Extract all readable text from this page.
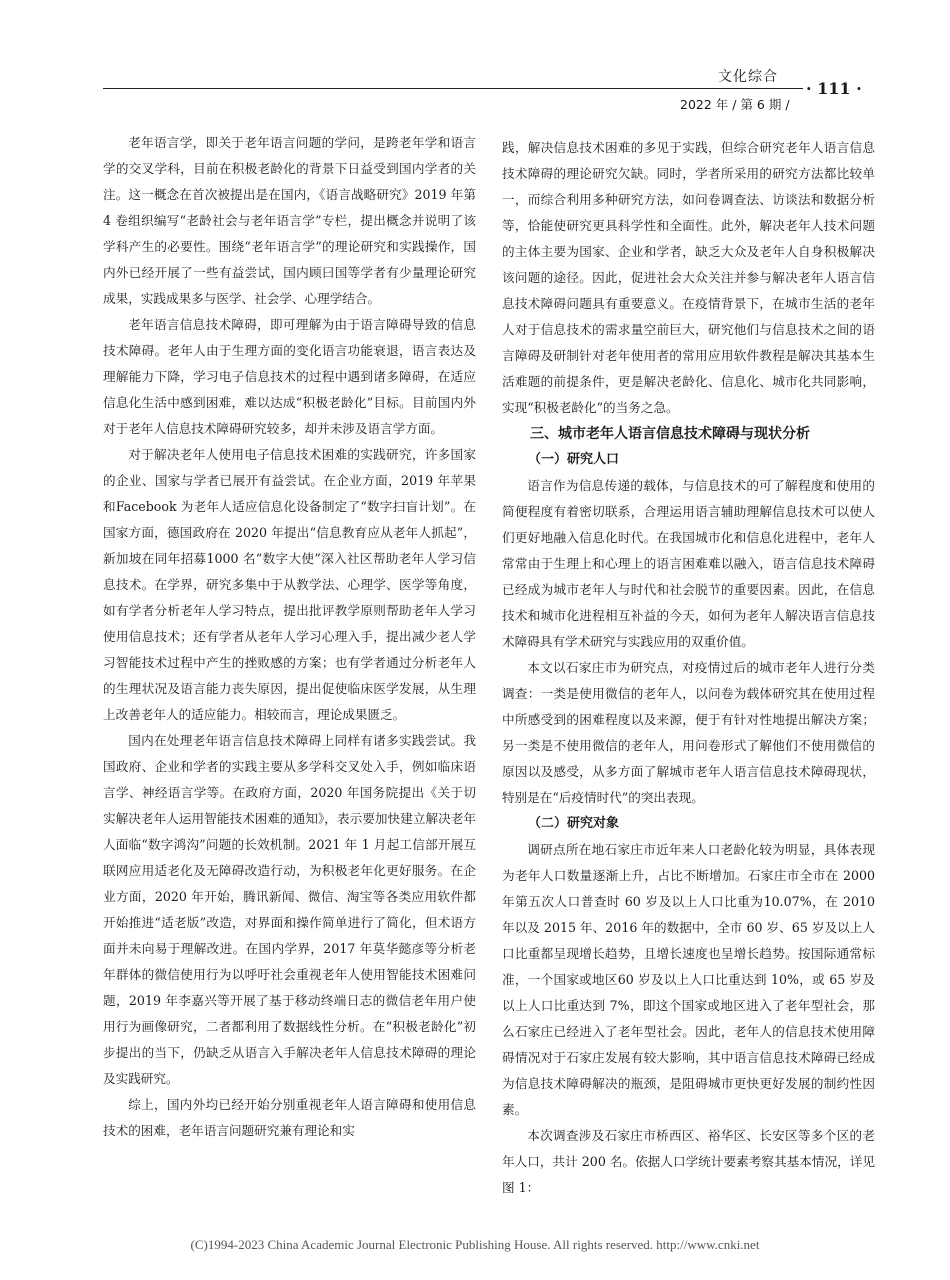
文化综合
· 111 ·
2022 年 / 第 6 期 /

老年语言学，即关于老年语言问题的学问，是跨老年学和语言学的交叉学科，目前在积极老龄化的背景下日益受到国内学者的关注。这一概念在首次被提出是在国内，《语言战略研究》2019 年第 4 卷组织编写“老龄社会与老年语言学”专栏，提出概念并说明了该学科产生的必要性。围绕“老年语言学”的理论研究和实践操作，国内外已经开展了一些有益尝试，国内顾曰国等学者有少量理论研究成果，实践成果多与医学、社会学、心理学结合。

老年语言信息技术障碍，即可理解为由于语言障碍导致的信息技术障碍。老年人由于生理方面的变化语言功能衰退，语言表达及理解能力下降，学习电子信息技术的过程中遇到诸多障碍，在适应信息化生活中感到困难，难以达成“积极老龄化”目标。目前国内外对于老年人信息技术障碍研究较多，却并未涉及语言学方面。

对于解决老年人使用电子信息技术困难的实践研究，许多国家的企业、国家与学者已展开有益尝试。在企业方面，2019 年苹果和Facebook 为老年人适应信息化设备制定了“数字扫盲计划”。在国家方面，德国政府在 2020 年提出“信息教育应从老年人抓起”，新加坡在同年招募1000 名“数字大使”深入社区帮助老年人学习信息技术。在学界，研究多集中于从教学法、心理学、医学等角度，如有学者分析老年人学习特点，提出批评教学原则帮助老年人学习使用信息技术；还有学者从老年人学习心理入手，提出减少老人学习智能技术过程中产生的挫败感的方案；也有学者通过分析老年人的生理状况及语言能力丧失原因，提出促使临床医学发展，从生理上改善老年人的适应能力。相较而言，理论成果匮乏。

国内在处理老年语言信息技术障碍上同样有诸多实践尝试。我国政府、企业和学者的实践主要从多学科交叉处入手，例如临床语言学、神经语言学等。在政府方面，2020 年国务院提出《关于切实解决老年人运用智能技术困难的通知》，表示要加快建立解决老年人面临“数字鸿沟”问题的长效机制。2021 年 1 月起工信部开展互联网应用适老化及无障碍改造行动，为积极老年化更好服务。在企业方面，2020 年开始，腾讯新闻、微信、淘宝等各类应用软件都开始推进“适老版”改造，对界面和操作简单进行了简化，但术语方面并未向易于理解改进。在国内学界，2017 年莫华懿彦等分析老年群体的微信使用行为以呼吁社会重视老年人使用智能技术困难问题，2019 年李嘉兴等开展了基于移动终端日志的微信老年用户使用行为画像研究，二者都利用了数据线性分析。在“积极老龄化”初步提出的当下，仍缺乏从语言入手解决老年人信息技术障碍的理论及实践研究。

综上，国内外均已经开始分别重视老年人语言障碍和使用信息技术的困难，老年语言问题研究兼有理论和实

践，解决信息技术困难的多见于实践，但综合研究老年人语言信息技术障碍的理论研究欠缺。同时，学者所采用的研究方法都比较单一，而综合利用多种研究方法，如问卷调查法、访谈法和数据分析等，恰能使研究更具科学性和全面性。此外，解决老年人技术问题的主体主要为国家、企业和学者，缺乏大众及老年人自身积极解决该问题的途径。因此，促进社会大众关注并参与解决老年人语言信息技术障碍问题具有重要意义。在疫情背景下，在城市生活的老年人对于信息技术的需求量空前巨大，研究他们与信息技术之间的语言障碍及研制针对老年使用者的常用应用软件教程是解决其基本生活难题的前提条件，更是解决老龄化、信息化、城市化共同影响，实现“积极老龄化”的当务之急。

三、城市老年人语言信息技术障碍与现状分析
（一）研究人口

语言作为信息传递的载体，与信息技术的可了解程度和使用的简便程度有着密切联系，合理运用语言辅助理解信息技术可以使人们更好地融入信息化时代。在我国城市化和信息化进程中，老年人常常由于生理上和心理上的语言困难难以融入，语言信息技术障碍已经成为城市老年人与时代和社会脱节的重要因素。因此，在信息技术和城市化进程相互补益的今天，如何为老年人解决语言信息技术障碍具有学术研究与实践应用的双重价值。

本文以石家庄市为研究点，对疫情过后的城市老年人进行分类调查：一类是使用微信的老年人，以问卷为载体研究其在使用过程中所感受到的困难程度以及来源，便于有针对性地提出解决方案；另一类是不使用微信的老年人，用问卷形式了解他们不使用微信的原因以及感受，从多方面了解城市老年人语言信息技术障碍现状，特别是在“后疫情时代”的突出表现。

（二）研究对象

调研点所在地石家庄市近年来人口老龄化较为明显，具体表现为老年人口数量逐渐上升，占比不断增加。石家庄市全市在 2000 年第五次人口普查时 60 岁及以上人口比重为10.07%，在 2010 年以及 2015 年、2016 年的数据中，全市 60 岁、65 岁及以上人口比重都呈现增长趋势，且增长速度也呈增长趋势。按国际通常标准，一个国家或地区60 岁及以上人口比重达到 10%，或 65 岁及以上人口比重达到 7%，即这个国家或地区进入了老年型社会，那么石家庄已经进入了老年型社会。因此，老年人的信息技术使用障碍情况对于石家庄发展有较大影响，其中语言信息技术障碍已经成为信息技术障碍解决的瓶颈，是阻碍城市更快更好发展的制约性因素。

本次调查涉及石家庄市桥西区、裕华区、长安区等多个区的老年人口，共计 200 名。依据人口学统计要素考察其基本情况，详见图 1：

(C)1994-2023 China Academic Journal Electronic Publishing House. All rights reserved. http://www.cnki.net
